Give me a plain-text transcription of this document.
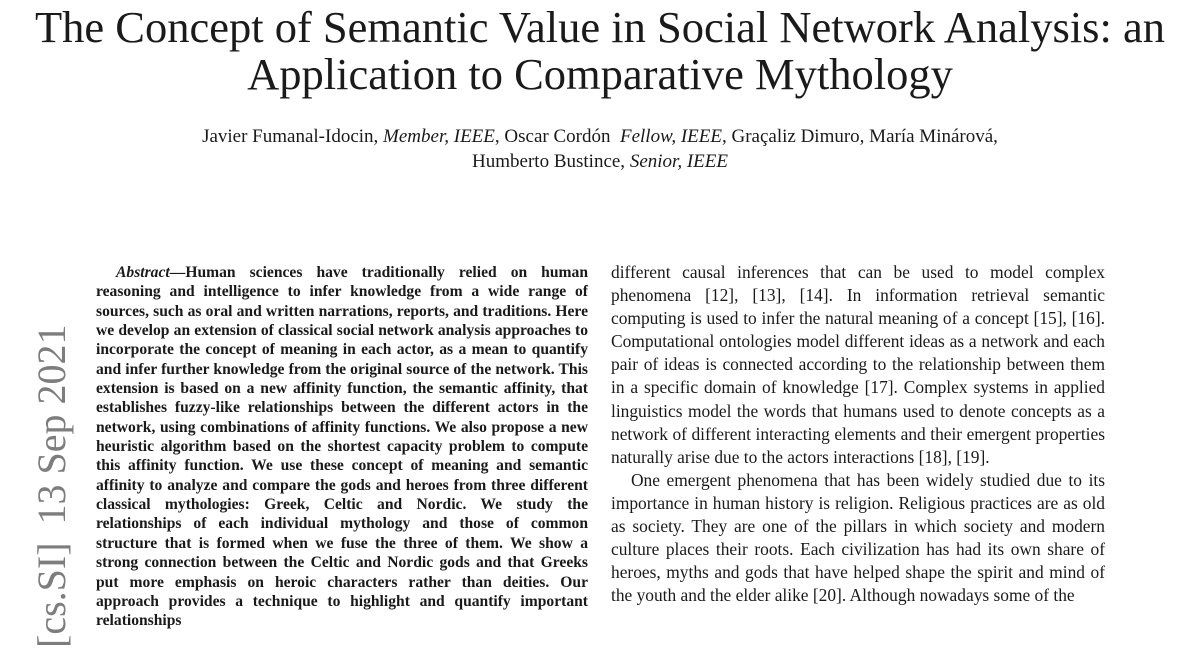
The Concept of Semantic Value in Social Network Analysis: an Application to Comparative Mythology
Javier Fumanal-Idocin, Member, IEEE, Oscar Cordón Fellow, IEEE, Graçaliz Dimuro, María Minárová,
Humberto Bustince, Senior, IEEE
[cs.SI]13 Sep 2021

Abstract—Human sciences have traditionally relied on human reasoning and intelligence to infer knowledge from a wide range of sources, such as oral and written narrations, reports, and traditions. Here we develop an extension of classical social network analysis approaches to incorporate the concept of meaning in each actor, as a mean to quantify and infer further knowledge from the original source of the network. This extension is based on a new affinity function, the semantic affinity, that establishes fuzzy-like relationships between the different actors in the network, using combinations of affinity functions. We also propose a new heuristic algorithm based on the shortest capacity problem to compute this affinity function. We use these concept of meaning and semantic affinity to analyze and compare the gods and heroes from three different classical mythologies: Greek, Celtic and Nordic. We study the relationships of each individual mythology and those of common structure that is formed when we fuse the three of them. We show a strong connection between the Celtic and Nordic gods and that Greeks put more emphasis on heroic characters rather than deities. Our approach provides a technique to highlight and quantify important relationships

different causal inferences that can be used to model complex phenomena [12], [13], [14]. In information retrieval semantic computing is used to infer the natural meaning of a concept [15], [16]. Computational ontologies model different ideas as a network and each pair of ideas is connected according to the relationship between them in a specific domain of knowledge [17]. Complex systems in applied linguistics model the words that humans used to denote concepts as a network of different interacting elements and their emergent properties naturally arise due to the actors interactions [18], [19].

One emergent phenomena that has been widely studied due to its importance in human history is religion. Religious practices are as old as society. They are one of the pillars in which society and modern culture places their roots. Each civilization has had its own share of heroes, myths and gods that have helped shape the spirit and mind of the youth and the elder alike [20]. Although nowadays some of the
